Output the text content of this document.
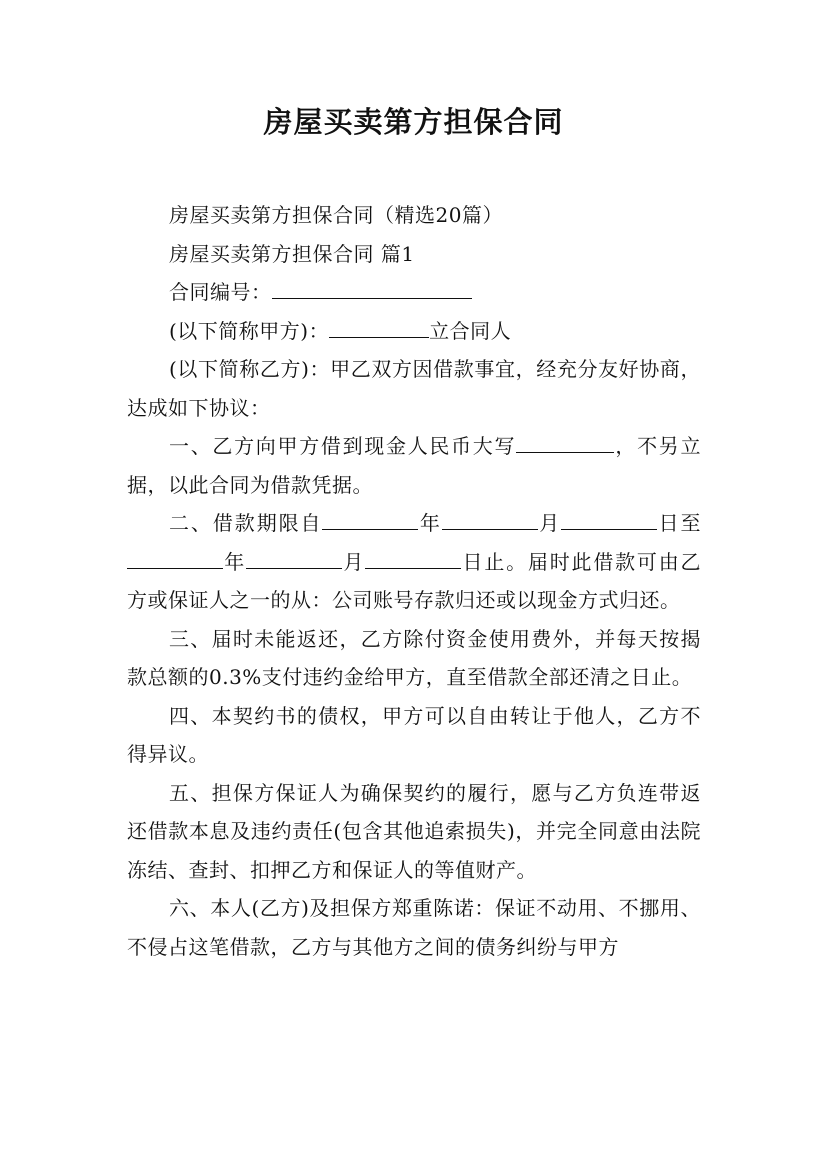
房屋买卖第方担保合同

房屋买卖第方担保合同（精选20篇）

房屋买卖第方担保合同 篇1

合同编号：

(以下简称甲方)：	立合同人

(以下简称乙方)：甲乙双方因借款事宜，经充分友好协商，达成如下协议：

一、乙方向甲方借到现金人民币大写	，不另立据，以此合同为借款凭据。

二、借款期限自	年	月	日至年	月	日止。届时此借款可由乙方或保证人之一的从：公司账号存款归还或以现金方式归还。

三、届时未能返还，乙方除付资金使用费外，并每天按揭款总额的0.3%支付违约金给甲方，直至借款全部还清之日止。

四、本契约书的债权，甲方可以自由转让于他人，乙方不得异议。

五、担保方保证人为确保契约的履行，愿与乙方负连带返还借款本息及违约责任(包含其他追索损失)，并完全同意由法院冻结、查封、扣押乙方和保证人的等值财产。

六、本人(乙方)及担保方郑重陈诺：保证不动用、不挪用、不侵占这笔借款，乙方与其他方之间的债务纠纷与甲方
